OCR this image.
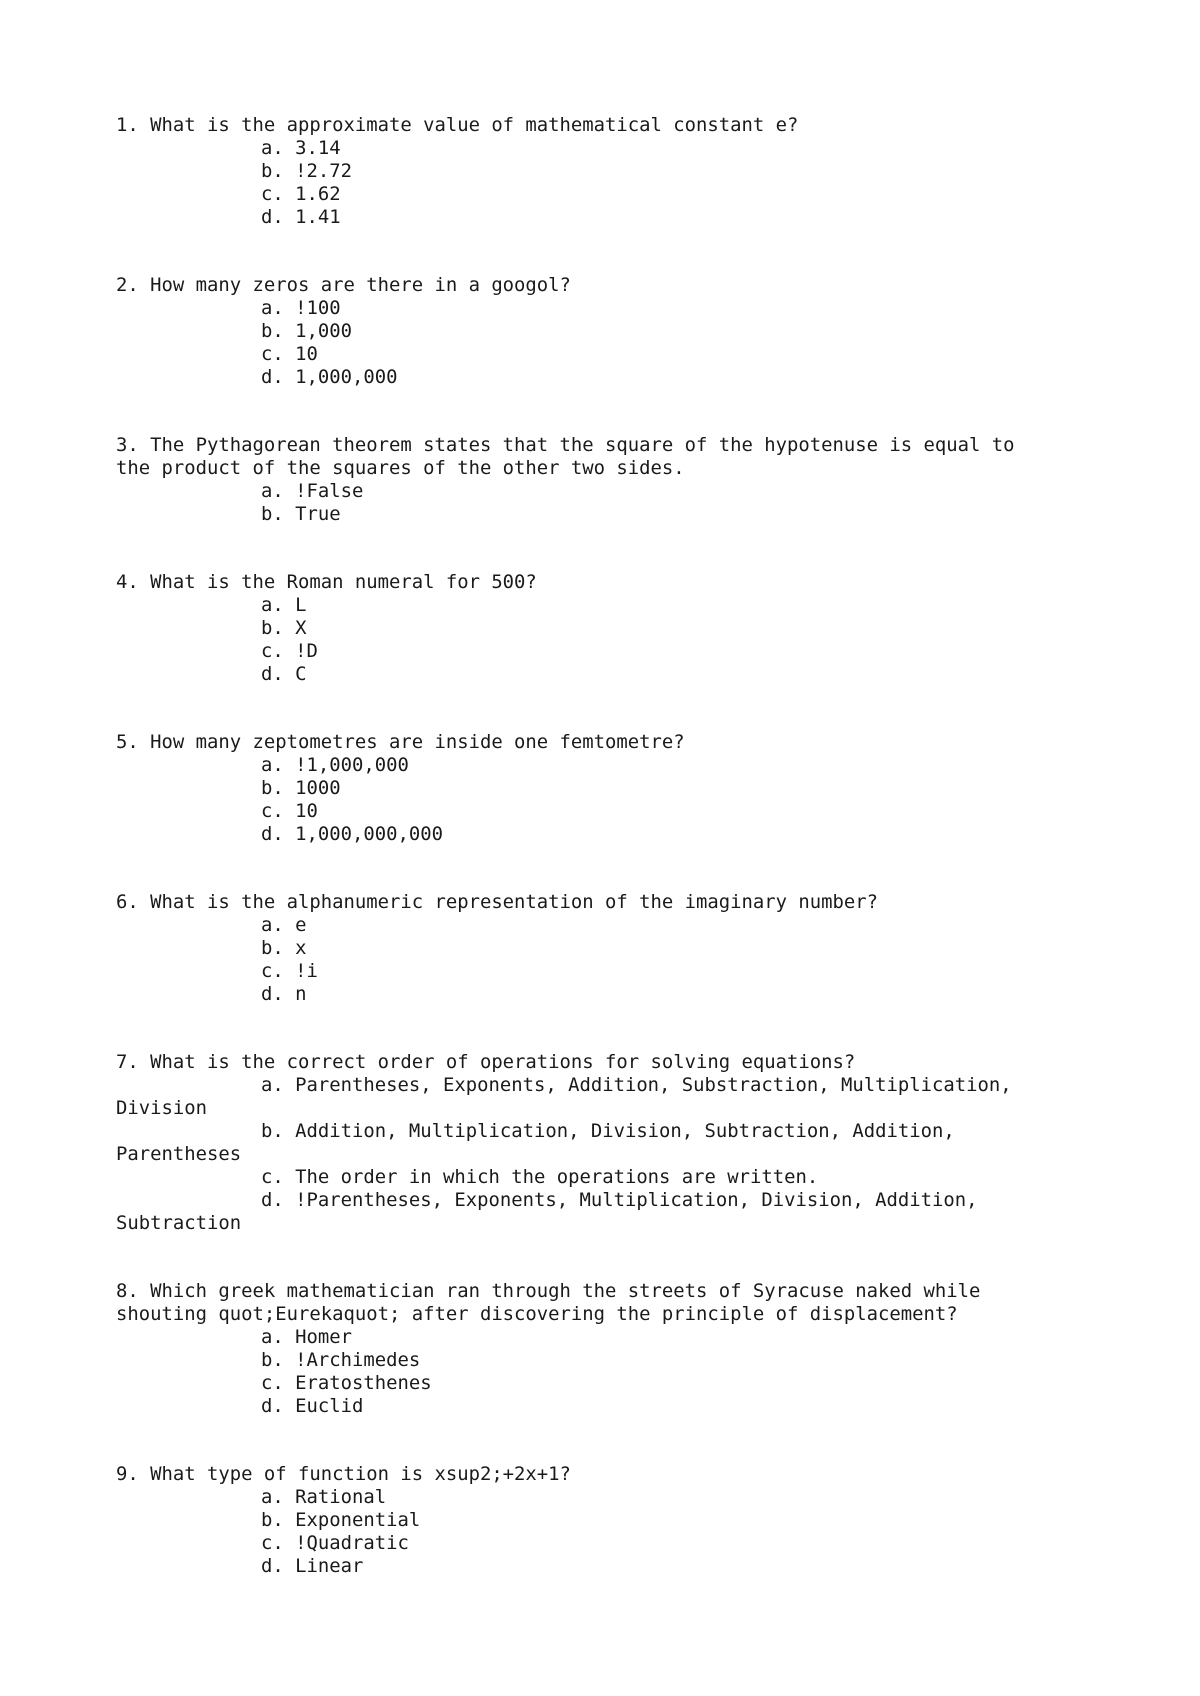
1. What is the approximate value of mathematical constant e?
a. 3.14
b. !2.72
c. 1.62
d. 1.41
2. How many zeros are there in a googol?
a. !100
b. 1,000
c. 10
d. 1,000,000
3. The Pythagorean theorem states that the square of the hypotenuse is equal to
the product of the squares of the other two sides.
a. !False
b. True
4. What is the Roman numeral for 500?
a. L
b. X
c. !D
d. C
5. How many zeptometres are inside one femtometre?
a. !1,000,000
b. 1000
c. 10
d. 1,000,000,000
6. What is the alphanumeric representation of the imaginary number?
a. e
b. x
c. !i
d. n
7. What is the correct order of operations for solving equations?
a. Parentheses, Exponents, Addition, Substraction, Multiplication,
Division
b. Addition, Multiplication, Division, Subtraction, Addition,
Parentheses
c. The order in which the operations are written.
d. !Parentheses, Exponents, Multiplication, Division, Addition,
Subtraction
8. Which greek mathematician ran through the streets of Syracuse naked while
shouting quot;Eurekaquot; after discovering the principle of displacement?
a. Homer
b. !Archimedes
c. Eratosthenes
d. Euclid
9. What type of function is xsup2;+2x+1?
a. Rational
b. Exponential
c. !Quadratic
d. Linear
